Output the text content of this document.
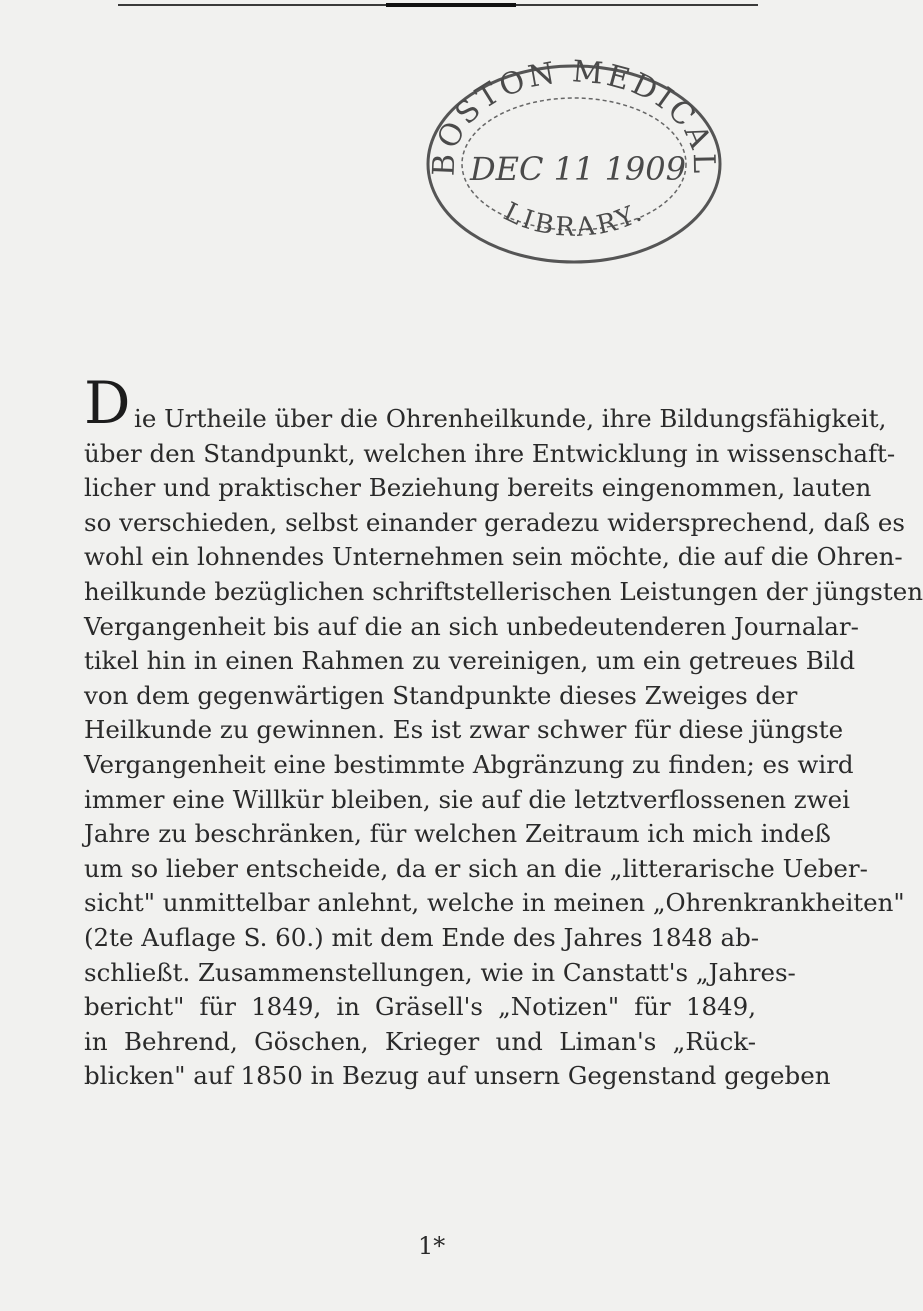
BOSTON MEDICAL
LIBRARY.
DEC 11 1909
D ie Urtheile über die Ohrenheilkunde, ihre Bildungsfähigkeit,
über den Standpunkt, welchen ihre Entwicklung in wissenschaft-
licher und praktischer Beziehung bereits eingenommen, lauten
so verschieden, selbst einander geradezu widersprechend, daß es
wohl ein lohnendes Unternehmen sein möchte, die auf die Ohren-
heilkunde bezüglichen schriftstellerischen Leistungen der jüngsten
Vergangenheit bis auf die an sich unbedeutenderen Journalar-
tikel hin in einen Rahmen zu vereinigen, um ein getreues Bild
von dem gegenwärtigen Standpunkte dieses Zweiges der
Heilkunde zu gewinnen. Es ist zwar schwer für diese jüngste
Vergangenheit eine bestimmte Abgränzung zu finden; es wird
immer eine Willkür bleiben, sie auf die letztverflossenen zwei
Jahre zu beschränken, für welchen Zeitraum ich mich indeß
um so lieber entscheide, da er sich an die „litterarische Ueber-
sicht" unmittelbar anlehnt, welche in meinen „Ohrenkrankheiten"
(2te Auflage S. 60.) mit dem Ende des Jahres 1848 ab-
schließt. Zusammenstellungen, wie in Canstatt's „Jahres-
bericht" für 1849, in Gräsell's „Notizen" für 1849,
in Behrend, Göschen, Krieger und Liman's „Rück-
blicken" auf 1850 in Bezug auf unsern Gegenstand gegeben
1*
